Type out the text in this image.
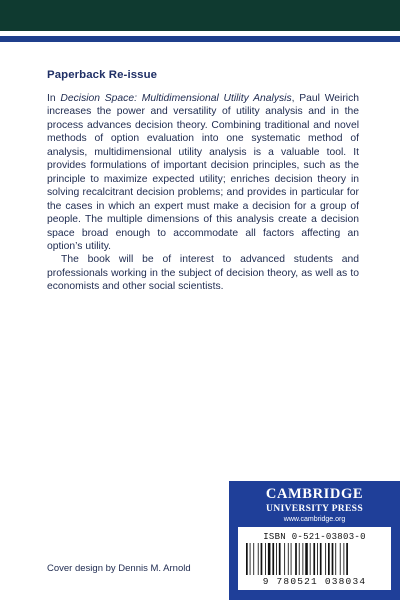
Paperback Re-issue

In Decision Space: Multidimensional Utility Analysis, Paul Weirich increases the power and versatility of utility analysis and in the process advances decision theory. Combining traditional and novel methods of option evaluation into one systematic method of analysis, multidimensional utility analysis is a valuable tool. It provides formulations of important decision principles, such as the principle to maximize expected utility; enriches decision theory in solving recalcitrant decision problems; and provides in particular for the cases in which an expert must make a decision for a group of people. The multiple dimensions of this analysis create a decision space broad enough to accommodate all factors affecting an option’s utility.

The book will be of interest to advanced students and professionals working in the subject of decision theory, as well as to economists and other social scientists.

CAMBRIDGE
UNIVERSITY PRESS
www.cambridge.org
ISBN 0-521-03803-0
9 780521 038034
Cover design by Dennis M. Arnold
